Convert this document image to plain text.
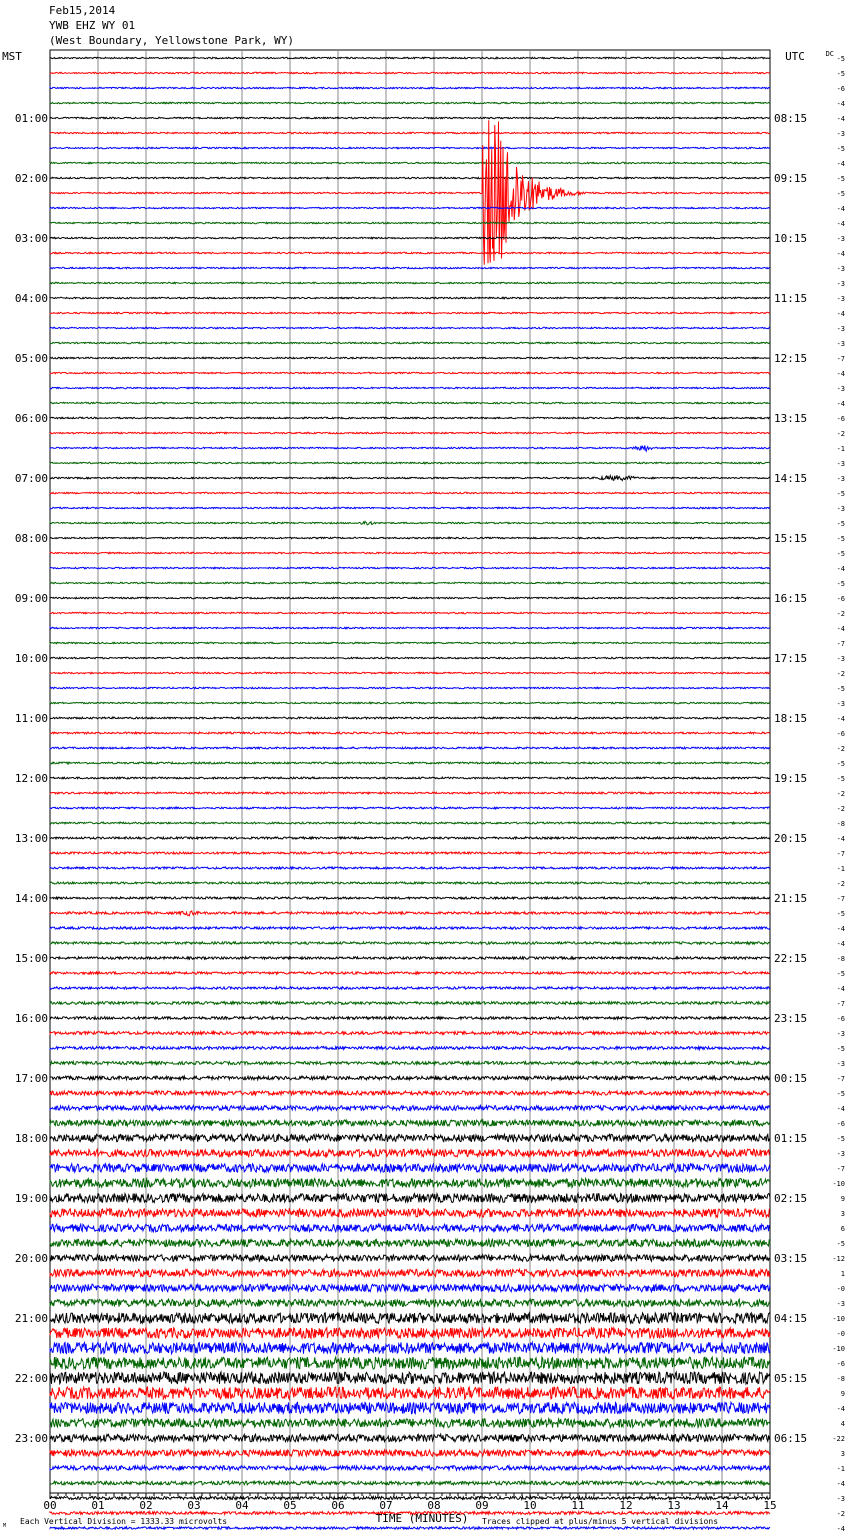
Feb15,2014
YWB EHZ WY 01
(West Boundary, Yellowstone Park, WY)
-5
-5
-6
-4
-4
-3
-5
-4
-5
-5
-4
-4
-3
-4
-3
-3
-3
-4
-3
-3
-7
-4
-3
-4
-6
-2
-1
-3
-3
-5
-3
-5
-5
-5
-4
-5
-6
-2
-4
-7
-3
-2
-5
-3
-4
-6
-2
-5
-5
-2
-2
-8
-4
-7
-1
-2
-7
-5
-4
-4
-8
-5
-4
-7
-6
-3
-5
-3
-7
-5
-4
-6
-5
-3
-7
-10
9
3
6
-5
-12
1
-0
-3
-10
-0
-10
-6
-8
9
-4
4
-22
3
-1
-4
-3
-2
-4
MST	UTC	DC
01:00
02:00
03:00
04:00
05:00
06:00
07:00
08:00
09:00
10:00
11:00
12:00
13:00
14:00
15:00
16:00
17:00
18:00
19:00
20:00
21:00
22:00
23:00
08:15
09:15
10:15
11:15
12:15
13:15
14:15
15:15
16:15
17:15
18:15
19:15
20:15
21:15
22:15
23:15
00:15
01:15
02:15
03:15
04:15
05:15
06:15
00	01	02	03	04	05	06	07	08	09	10	11	12	13	14	15
TIME (MINUTES)
Each Vertical Division = 1333.33 microvolts	Traces clipped at plus/minus 5 vertical divisions
M
